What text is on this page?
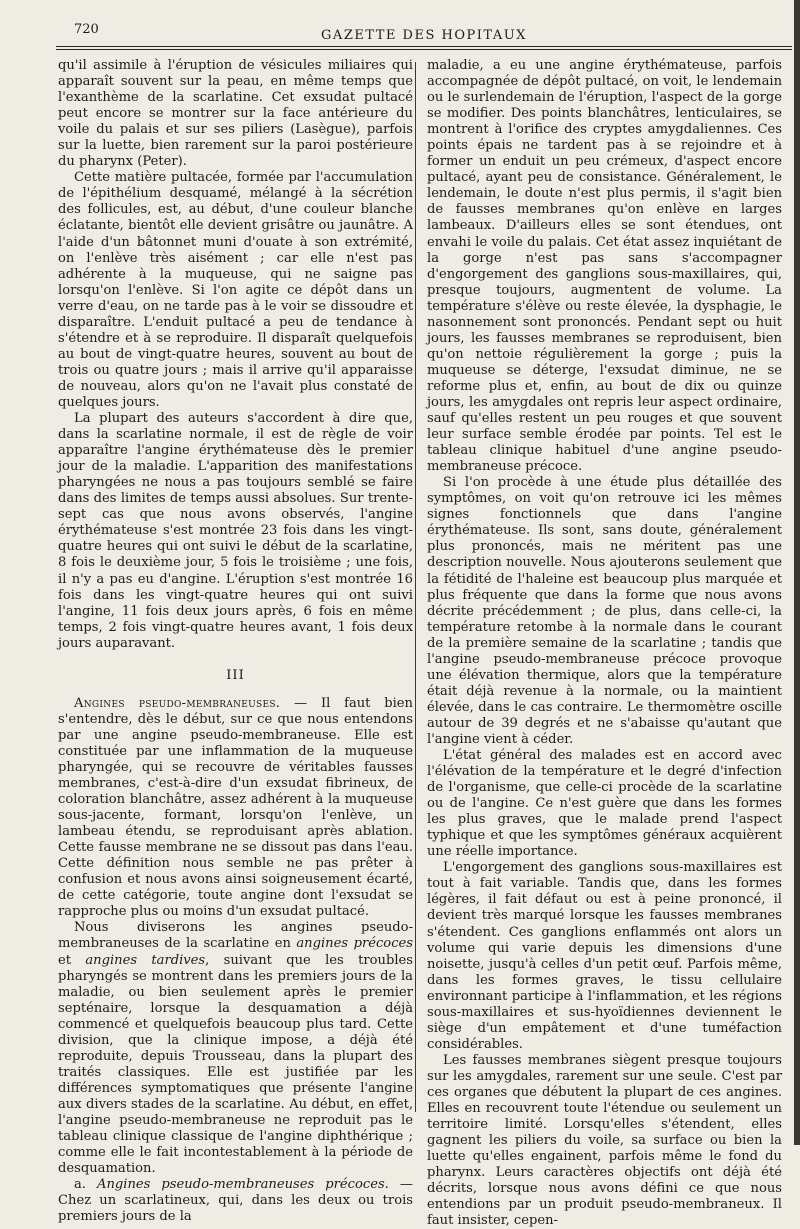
720	GAZETTE DES HOPITAUX

qu'il assimile à l'éruption de vésicules miliaires qui apparaît souvent sur la peau, en même temps que l'exanthème de la scarlatine. Cet exsudat pultacé peut encore se montrer sur la face antérieure du voile du palais et sur ses piliers (Lasègue), parfois sur la luette, bien rarement sur la paroi postérieure du pharynx (Peter).

Cette matière pultacée, formée par l'accumulation de l'épithélium desquamé, mélangé à la sécrétion des follicules, est, au début, d'une couleur blanche éclatante, bientôt elle devient grisâtre ou jaunâtre. A l'aide d'un bâtonnet muni d'ouate à son extrémité, on l'enlève très aisément ; car elle n'est pas adhérente à la muqueuse, qui ne saigne pas lorsqu'on l'enlève. Si l'on agite ce dépôt dans un verre d'eau, on ne tarde pas à le voir se dissoudre et disparaître. L'enduit pultacé a peu de tendance à s'étendre et à se reproduire. Il disparaît quelquefois au bout de vingt-quatre heures, souvent au bout de trois ou quatre jours ; mais il arrive qu'il apparaisse de nouveau, alors qu'on ne l'avait plus constaté de quelques jours.

La plupart des auteurs s'accordent à dire que, dans la scarlatine normale, il est de règle de voir apparaître l'angine érythémateuse dès le premier jour de la maladie. L'apparition des manifestations pharyngées ne nous a pas toujours semblé se faire dans des limites de temps aussi absolues. Sur trente-sept cas que nous avons observés, l'angine érythémateuse s'est montrée 23 fois dans les vingt-quatre heures qui ont suivi le début de la scarlatine, 8 fois le deuxième jour, 5 fois le troisième ; une fois, il n'y a pas eu d'angine. L'éruption s'est montrée 16 fois dans les vingt-quatre heures qui ont suivi l'angine, 11 fois deux jours après, 6 fois en même temps, 2 fois vingt-quatre heures avant, 1 fois deux jours auparavant.

III

Angines pseudo-membraneuses. — Il faut bien s'entendre, dès le début, sur ce que nous entendons par une angine pseudo-membraneuse. Elle est constituée par une inflammation de la muqueuse pharyngée, qui se recouvre de véritables fausses membranes, c'est-à-dire d'un exsudat fibrineux, de coloration blanchâtre, assez adhérent à la muqueuse sous-jacente, formant, lorsqu'on l'enlève, un lambeau étendu, se reproduisant après ablation. Cette fausse membrane ne se dissout pas dans l'eau. Cette définition nous semble ne pas prêter à confusion et nous avons ainsi soigneusement écarté, de cette catégorie, toute angine dont l'exsudat se rapproche plus ou moins d'un exsudat pultacé.

Nous diviserons les angines pseudo-membraneuses de la scarlatine en angines précoces et angines tardives, suivant que les troubles pharyngés se montrent dans les premiers jours de la maladie, ou bien seulement après le premier septénaire, lorsque la desquamation a déjà commencé et quelquefois beaucoup plus tard. Cette division, que la clinique impose, a déjà été reproduite, depuis Trousseau, dans la plupart des traités classiques. Elle est justifiée par les différences symptomatiques que présente l'angine aux divers stades de la scarlatine. Au début, en effet, l'angine pseudo-membraneuse ne reproduit pas le tableau clinique classique de l'angine diphthérique ; comme elle le fait incontestablement à la période de desquamation.

a. Angines pseudo-membraneuses précoces. — Chez un scarlatineux, qui, dans les deux ou trois premiers jours de la

maladie, a eu une angine érythémateuse, parfois accompagnée de dépôt pultacé, on voit, le lendemain ou le surlendemain de l'éruption, l'aspect de la gorge se modifier. Des points blanchâtres, lenticulaires, se montrent à l'orifice des cryptes amygdaliennes. Ces points épais ne tardent pas à se rejoindre et à former un enduit un peu crémeux, d'aspect encore pultacé, ayant peu de consistance. Généralement, le lendemain, le doute n'est plus permis, il s'agit bien de fausses membranes qu'on enlève en larges lambeaux. D'ailleurs elles se sont étendues, ont envahi le voile du palais. Cet état assez inquiétant de la gorge n'est pas sans s'accompagner d'engorgement des ganglions sous-maxillaires, qui, presque toujours, augmentent de volume. La température s'élève ou reste élevée, la dysphagie, le nasonnement sont prononcés. Pendant sept ou huit jours, les fausses membranes se reproduisent, bien qu'on nettoie régulièrement la gorge ; puis la muqueuse se déterge, l'exsudat diminue, ne se reforme plus et, enfin, au bout de dix ou quinze jours, les amygdales ont repris leur aspect ordinaire, sauf qu'elles restent un peu rouges et que souvent leur surface semble érodée par points. Tel est le tableau clinique habituel d'une angine pseudo-membraneuse précoce.

Si l'on procède à une étude plus détaillée des symptômes, on voit qu'on retrouve ici les mêmes signes fonctionnels que dans l'angine érythémateuse. Ils sont, sans doute, généralement plus prononcés, mais ne méritent pas une description nouvelle. Nous ajouterons seulement que la fétidité de l'haleine est beaucoup plus marquée et plus fréquente que dans la forme que nous avons décrite précédemment ; de plus, dans celle-ci, la température retombe à la normale dans le courant de la première semaine de la scarlatine ; tandis que l'angine pseudo-membraneuse précoce provoque une élévation thermique, alors que la température était déjà revenue à la normale, ou la maintient élevée, dans le cas contraire. Le thermomètre oscille autour de 39 degrés et ne s'abaisse qu'autant que l'angine vient à céder.

L'état général des malades est en accord avec l'élévation de la température et le degré d'infection de l'organisme, que celle-ci procède de la scarlatine ou de l'angine. Ce n'est guère que dans les formes les plus graves, que le malade prend l'aspect typhique et que les symptômes généraux acquièrent une réelle importance.

L'engorgement des ganglions sous-maxillaires est tout à fait variable. Tandis que, dans les formes légères, il fait défaut ou est à peine prononcé, il devient très marqué lorsque les fausses membranes s'étendent. Ces ganglions enflammés ont alors un volume qui varie depuis les dimensions d'une noisette, jusqu'à celles d'un petit œuf. Parfois même, dans les formes graves, le tissu cellulaire environnant participe à l'inflammation, et les régions sous-maxillaires et sus-hyoïdiennes deviennent le siège d'un empâtement et d'une tuméfaction considérables.

Les fausses membranes siègent presque toujours sur les amygdales, rarement sur une seule. C'est par ces organes que débutent la plupart de ces angines. Elles en recouvrent toute l'étendue ou seulement un territoire limité. Lorsqu'elles s'étendent, elles gagnent les piliers du voile, sa surface ou bien la luette qu'elles engainent, parfois même le fond du pharynx. Leurs caractères objectifs ont déjà été décrits, lorsque nous avons défini ce que nous entendions par un produit pseudo-membraneux. Il faut insister, cepen-
